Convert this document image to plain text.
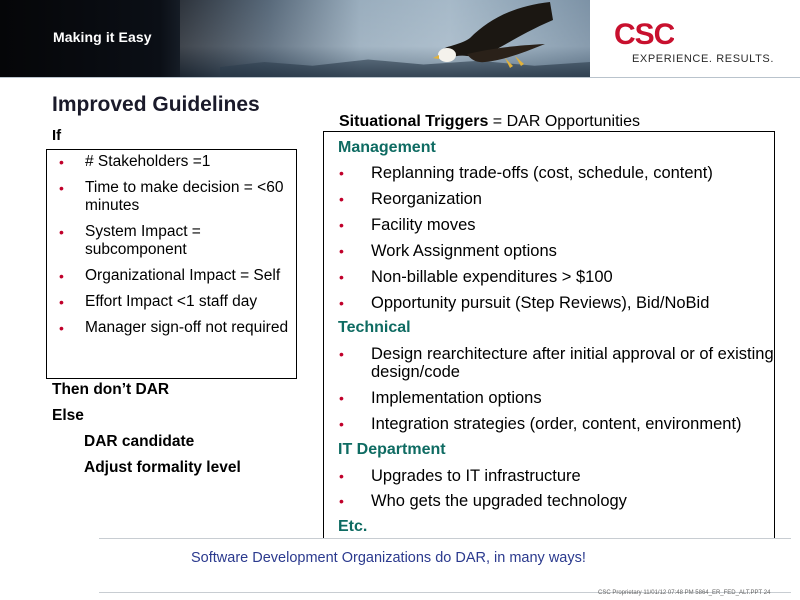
Making it Easy	CSC
EXPERIENCE. RESULTS.
Improved Guidelines
If
• # Stakeholders =1
• Time to make decision = <60 minutes
• System Impact = subcomponent
• Organizational Impact = Self
• Effort Impact <1 staff day
• Manager sign-off not required
Then don’t DAR
Else
DAR candidate
Adjust formality level
Situational Triggers = DAR Opportunities
Management
•	Replanning trade-offs (cost, schedule, content)
•	Reorganization
•	Facility moves
•	Work Assignment options
•	Non-billable expenditures > $100
•	Opportunity pursuit (Step Reviews), Bid/NoBid
Technical
•	Design rearchitecture after initial approval or of existing design/code
•	Implementation options
•	Integration strategies (order, content, environment)
IT Department
•	Upgrades to IT infrastructure
•	Who gets the upgraded technology
Etc.
Software Development Organizations do DAR, in many ways!
CSC Proprietary 11/01/12 07:48 PM 5864_ER_FED_ALT.PPT 24
